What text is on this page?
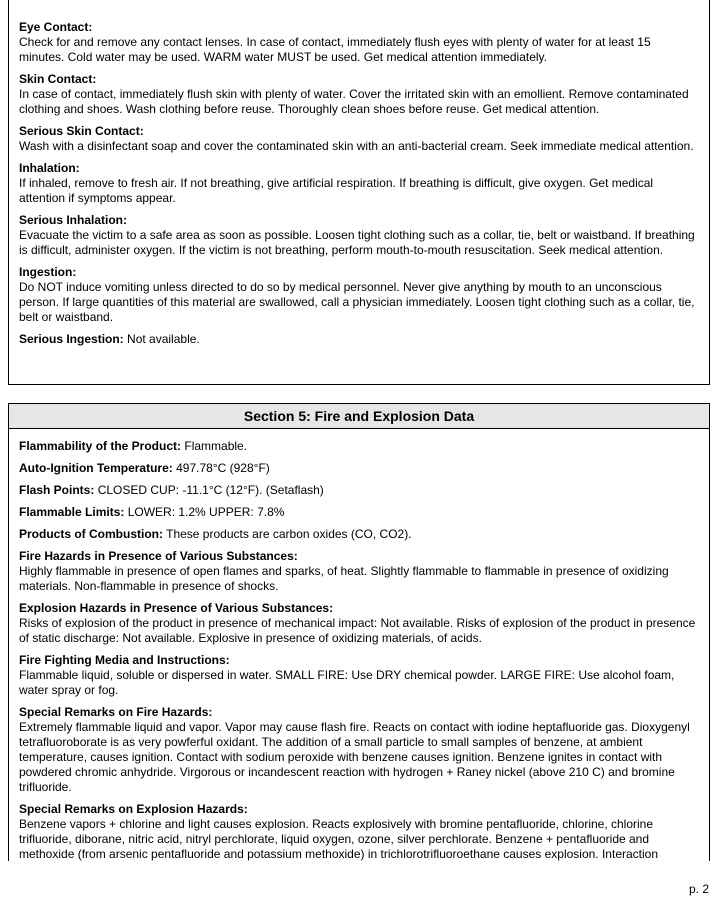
Eye Contact:
Check for and remove any contact lenses. In case of contact, immediately flush eyes with plenty of water for at least 15 minutes. Cold water may be used. WARM water MUST be used. Get medical attention immediately.
Skin Contact:
In case of contact, immediately flush skin with plenty of water. Cover the irritated skin with an emollient. Remove contaminated clothing and shoes. Wash clothing before reuse. Thoroughly clean shoes before reuse. Get medical attention.
Serious Skin Contact:
Wash with a disinfectant soap and cover the contaminated skin with an anti-bacterial cream. Seek immediate medical attention.
Inhalation:
If inhaled, remove to fresh air. If not breathing, give artificial respiration. If breathing is difficult, give oxygen. Get medical attention if symptoms appear.
Serious Inhalation:
Evacuate the victim to a safe area as soon as possible. Loosen tight clothing such as a collar, tie, belt or waistband. If breathing is difficult, administer oxygen. If the victim is not breathing, perform mouth-to-mouth resuscitation. Seek medical attention.
Ingestion:
Do NOT induce vomiting unless directed to do so by medical personnel. Never give anything by mouth to an unconscious person. If large quantities of this material are swallowed, call a physician immediately. Loosen tight clothing such as a collar, tie, belt or waistband.
Serious Ingestion: Not available.
Section 5: Fire and Explosion Data
Flammability of the Product: Flammable.
Auto-Ignition Temperature: 497.78°C (928°F)
Flash Points: CLOSED CUP: -11.1°C (12°F). (Setaflash)
Flammable Limits: LOWER: 1.2% UPPER: 7.8%
Products of Combustion: These products are carbon oxides (CO, CO2).
Fire Hazards in Presence of Various Substances:
Highly flammable in presence of open flames and sparks, of heat. Slightly flammable to flammable in presence of oxidizing materials. Non-flammable in presence of shocks.
Explosion Hazards in Presence of Various Substances:
Risks of explosion of the product in presence of mechanical impact: Not available. Risks of explosion of the product in presence of static discharge: Not available. Explosive in presence of oxidizing materials, of acids.
Fire Fighting Media and Instructions:
Flammable liquid, soluble or dispersed in water. SMALL FIRE: Use DRY chemical powder. LARGE FIRE: Use alcohol foam, water spray or fog.
Special Remarks on Fire Hazards:
Extremely flammable liquid and vapor. Vapor may cause flash fire. Reacts on contact with iodine heptafluoride gas. Dioxygenyl tetrafluoroborate is as very powferful oxidant. The addition of a small particle to small samples of benzene, at ambient temperature, causes ignition. Contact with sodium peroxide with benzene causes ignition. Benzene ignites in contact with powdered chromic anhydride. Virgorous or incandescent reaction with hydrogen + Raney nickel (above 210 C) and bromine trifluoride.
Special Remarks on Explosion Hazards:
Benzene vapors + chlorine and light causes explosion. Reacts explosively with bromine pentafluoride, chlorine, chlorine trifluoride, diborane, nitric acid, nitryl perchlorate, liquid oxygen, ozone, silver perchlorate. Benzene + pentafluoride and methoxide (from arsenic pentafluoride and potassium methoxide) in trichlorotrifluoroethane causes explosion. Interaction
p. 2
